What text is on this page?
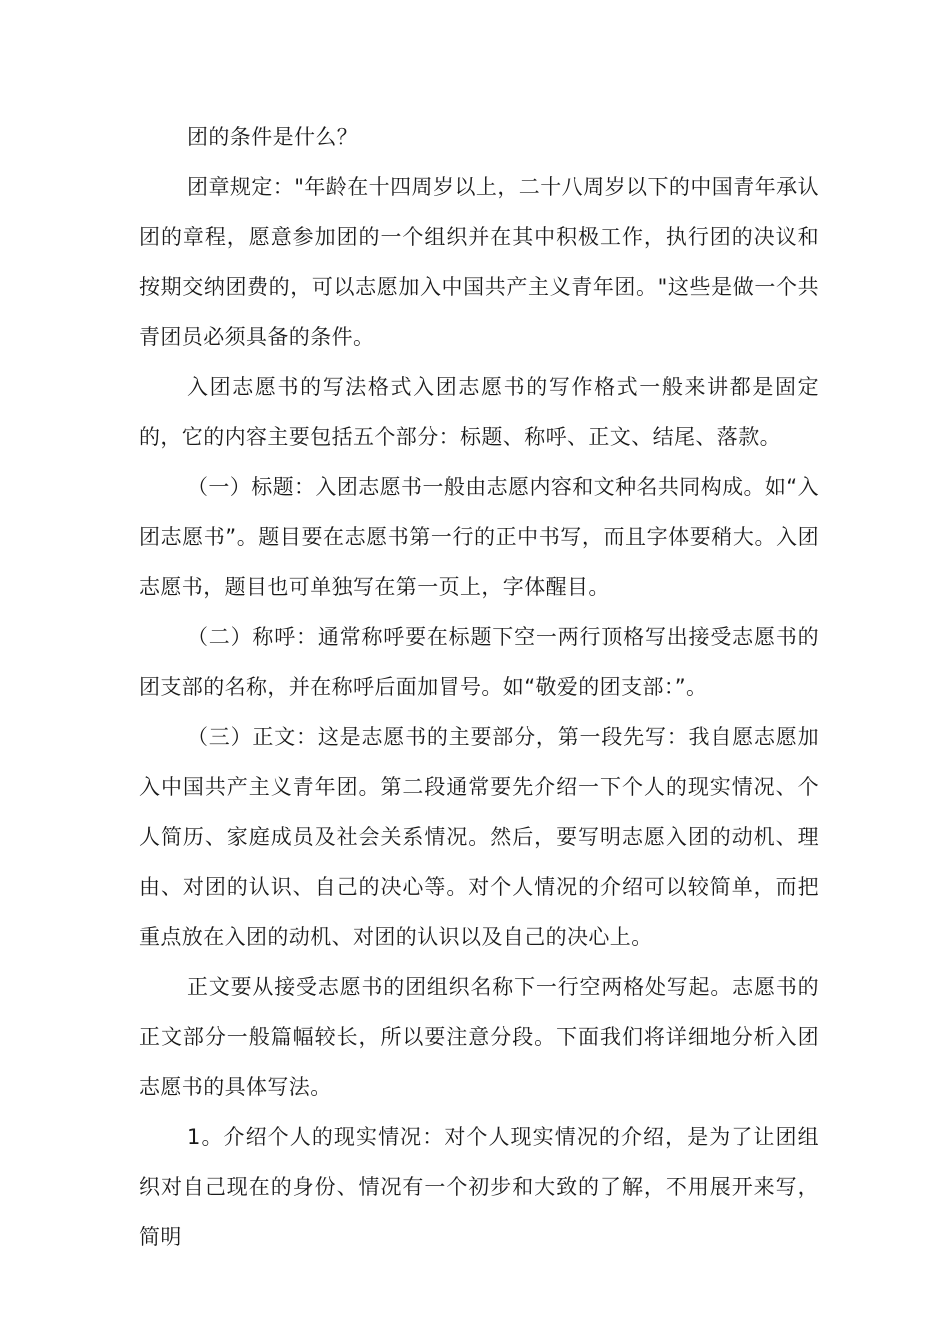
团的条件是什么？

团章规定："年龄在十四周岁以上，二十八周岁以下的中国青年承认团的章程，愿意参加团的一个组织并在其中积极工作，执行团的决议和按期交纳团费的，可以志愿加入中国共产主义青年团。"这些是做一个共青团员必须具备的条件。

入团志愿书的写法格式入团志愿书的写作格式一般来讲都是固定的，它的内容主要包括五个部分：标题、称呼、正文、结尾、落款。

（一）标题：入团志愿书一般由志愿内容和文种名共同构成。如“入团志愿书”。题目要在志愿书第一行的正中书写，而且字体要稍大。入团志愿书，题目也可单独写在第一页上，字体醒目。

（二）称呼：通常称呼要在标题下空一两行顶格写出接受志愿书的团支部的名称，并在称呼后面加冒号。如“敬爱的团支部：”。

（三）正文：这是志愿书的主要部分，第一段先写：我自愿志愿加入中国共产主义青年团。第二段通常要先介绍一下个人的现实情况、个人简历、家庭成员及社会关系情况。然后，要写明志愿入团的动机、理由、对团的认识、自己的决心等。对个人情况的介绍可以较简单，而把重点放在入团的动机、对团的认识以及自己的决心上。

正文要从接受志愿书的团组织名称下一行空两格处写起。志愿书的正文部分一般篇幅较长，所以要注意分段。下面我们将详细地分析入团志愿书的具体写法。

1。介绍个人的现实情况：对个人现实情况的介绍，是为了让团组织对自己现在的身份、情况有一个初步和大致的了解，不用展开来写，简明
